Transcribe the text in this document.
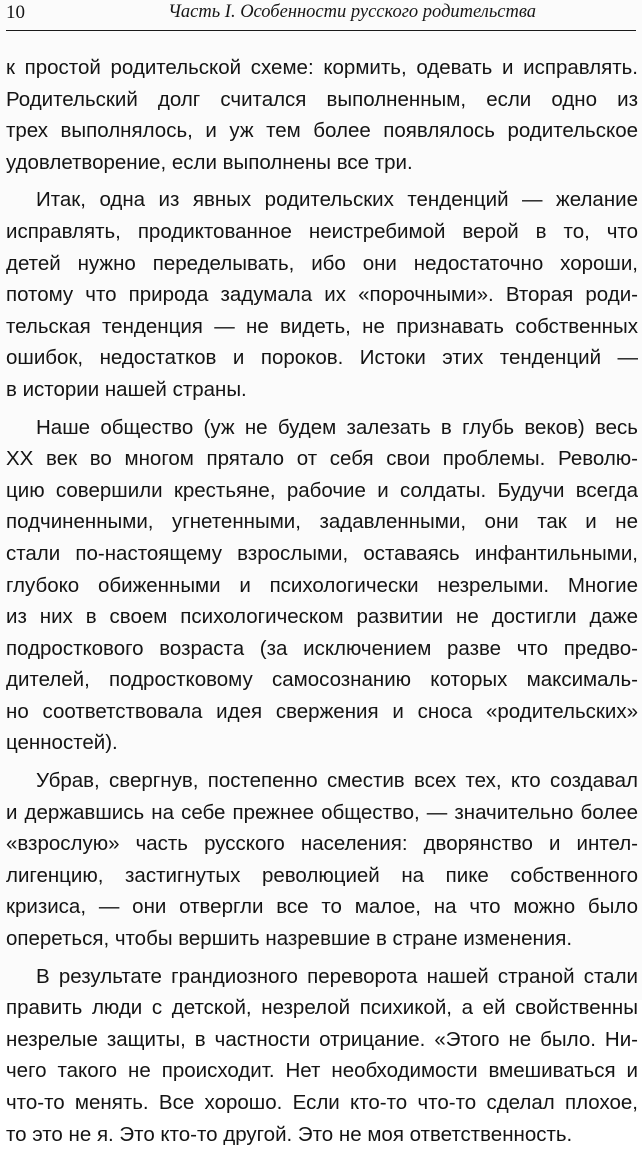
10	Часть I. Особенности русского родительства
к простой родительской схеме: кормить, одевать и исправлять.
Родительский долг считался выполненным, если одно из
трех выполнялось, и уж тем более появлялось родительское
удовлетворение, если выполнены все три.
Итак, одна из явных родительских тенденций — желание
исправлять, продиктованное неистребимой верой в то, что
детей нужно переделывать, ибо они недостаточно хороши,
потому что природа задумала их «порочными». Вторая роди-
тельская тенденция — не видеть, не признавать собственных
ошибок, недостатков и пороков. Истоки этих тенденций —
в истории нашей страны.
Наше общество (уж не будем залезать в глубь веков) весь
XX век во многом прятало от себя свои проблемы. Револю-
цию совершили крестьяне, рабочие и солдаты. Будучи всегда
подчиненными, угнетенными, задавленными, они так и не
стали по-настоящему взрослыми, оставаясь инфантильными,
глубоко обиженными и психологически незрелыми. Многие
из них в своем психологическом развитии не достигли даже
подросткового возраста (за исключением разве что предво-
дителей, подростковому самосознанию которых максималь-
но соответствовала идея свержения и сноса «родительских»
ценностей).
Убрав, свергнув, постепенно сместив всех тех, кто создавал
и державшись на себе прежнее общество, — значительно более
«взрослую» часть русского населения: дворянство и интел-
лигенцию, застигнутых революцией на пике собственного
кризиса, — они отвергли все то малое, на что можно было
опереться, чтобы вершить назревшие в стране изменения.
В результате грандиозного переворота нашей страной стали
править люди с детской, незрелой психикой, а ей свойственны
незрелые защиты, в частности отрицание. «Этого не было. Ни-
чего такого не происходит. Нет необходимости вмешиваться и
что-то менять. Все хорошо. Если кто-то что-то сделал плохое,
то это не я. Это кто-то другой. Это не моя ответственность.
